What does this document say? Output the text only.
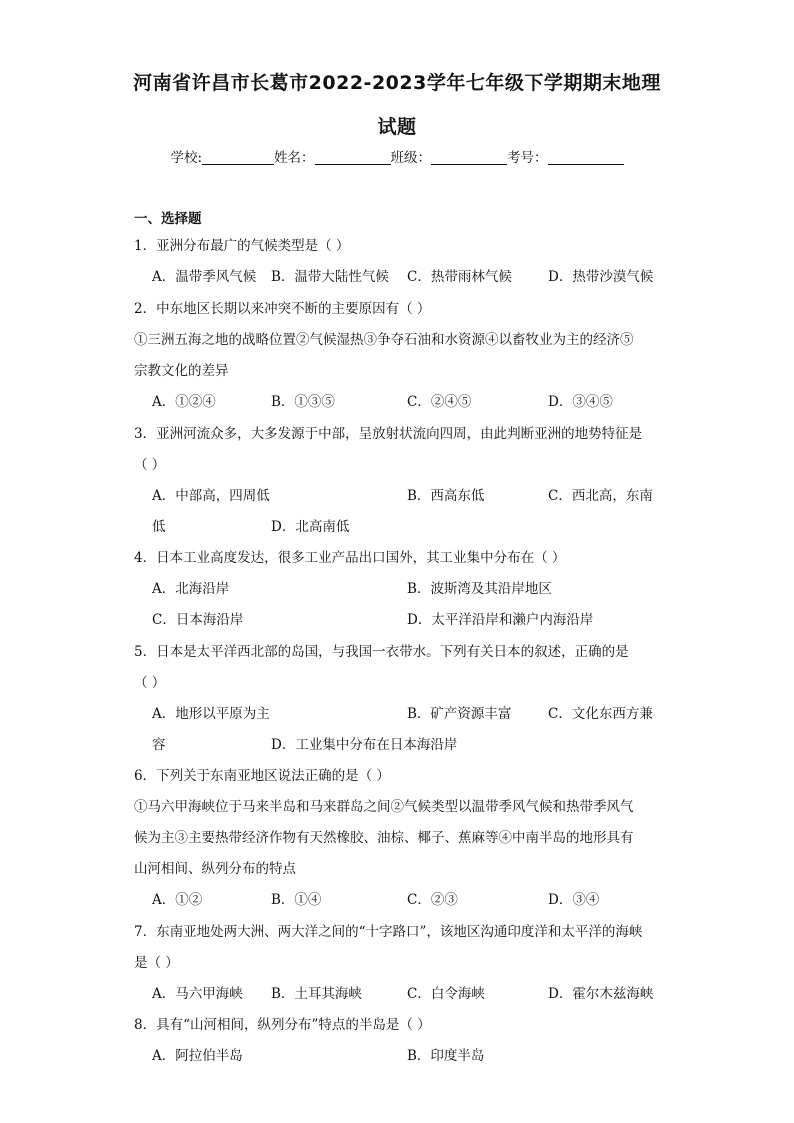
河南省许昌市长葛市2022-2023学年七年级下学期期末地理
试题
学校:	姓名：	班级：	考号：
一、选择题
1．亚洲分布最广的气候类型是（ ）
A．温带季风气候 B．温带大陆性气候 C．热带雨林气候	D．热带沙漠气候
2．中东地区长期以来冲突不断的主要原因有（ ）
①三洲五海之地的战略位置②气候湿热③争夺石油和水资源④以畜牧业为主的经济⑤
宗教文化的差异
A．①②④	B．①③⑤	C．②④⑤	D．③④⑤
3．亚洲河流众多，大多发源于中部，呈放射状流向四周，由此判断亚洲的地势特征是
（ ）
A．中部高，四周低	B．西高东低	C．西北高，东南
低	D．北高南低
4．日本工业高度发达，很多工业产品出口国外，其工业集中分布在（ ）
A．北海沿岸	B．波斯湾及其沿岸地区
C．日本海沿岸	D．太平洋沿岸和濑户内海沿岸
5．日本是太平洋西北部的岛国，与我国一衣带水。下列有关日本的叙述，正确的是
（ ）
A．地形以平原为主	B．矿产资源丰富	C．文化东西方兼
容	D．工业集中分布在日本海沿岸
6．下列关于东南亚地区说法正确的是（ ）
①马六甲海峡位于马来半岛和马来群岛之间②气候类型以温带季风气候和热带季风气
候为主③主要热带经济作物有天然橡胶、油棕、椰子、蕉麻等④中南半岛的地形具有
山河相间、纵列分布的特点
A．①②	B．①④	C．②③	D．③④
7．东南亚地处两大洲、两大洋之间的“十字路口”，该地区沟通印度洋和太平洋的海峡
是（ ）
A．马六甲海峡 B．土耳其海峡	C．白令海峡	D．霍尔木兹海峡
8．具有“山河相间，纵列分布”特点的半岛是（ ）
A．阿拉伯半岛	B．印度半岛
